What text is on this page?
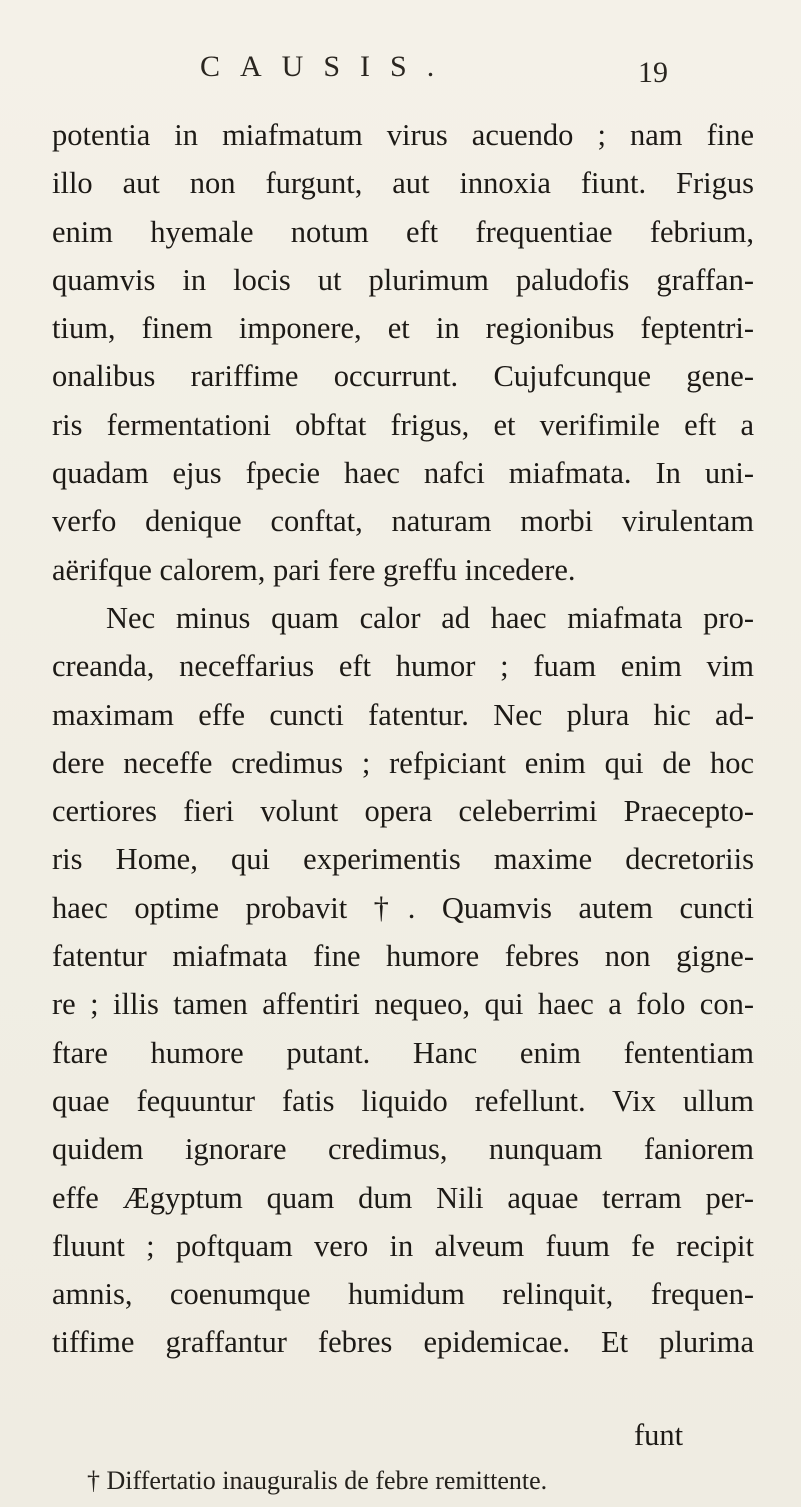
CAUSIS.	19
potentia in miafmatum virus acuendo ; nam fine
illo aut non furgunt, aut innoxia fiunt. Frigus
enim hyemale notum eft frequentiae febrium,
quamvis in locis ut plurimum paludofis graffan-
tium, finem imponere, et in regionibus feptentri-
onalibus rariffime occurrunt. Cujufcunque gene-
ris fermentationi obftat frigus, et verifimile eft a
quadam ejus fpecie haec nafci miafmata. In uni-
verfo denique conftat, naturam morbi virulentam
aërifque calorem, pari fere greffu incedere.
Nec minus quam calor ad haec miafmata pro-
creanda, neceffarius eft humor ; fuam enim vim
maximam effe cuncti fatentur. Nec plura hic ad-
dere neceffe credimus ; refpiciant enim qui de hoc
certiores fieri volunt opera celeberrimi Praecepto-
ris Home, qui experimentis maxime decretoriis
haec optime probavit †. Quamvis autem cuncti
fatentur miafmata fine humore febres non gigne-
re ; illis tamen affentiri nequeo, qui haec a folo con-
ftare humore putant. Hanc enim fententiam
quae fequuntur fatis liquido refellunt. Vix ullum
quidem ignorare credimus, nunquam faniorem
effe Ægyptum quam dum Nili aquae terram per-
fluunt ; poftquam vero in alveum fuum fe recipit
amnis, coenumque humidum relinquit, frequen-
tiffime graffantur febres epidemicae. Et plurima
funt
† Differtatio inauguralis de febre remittente.
